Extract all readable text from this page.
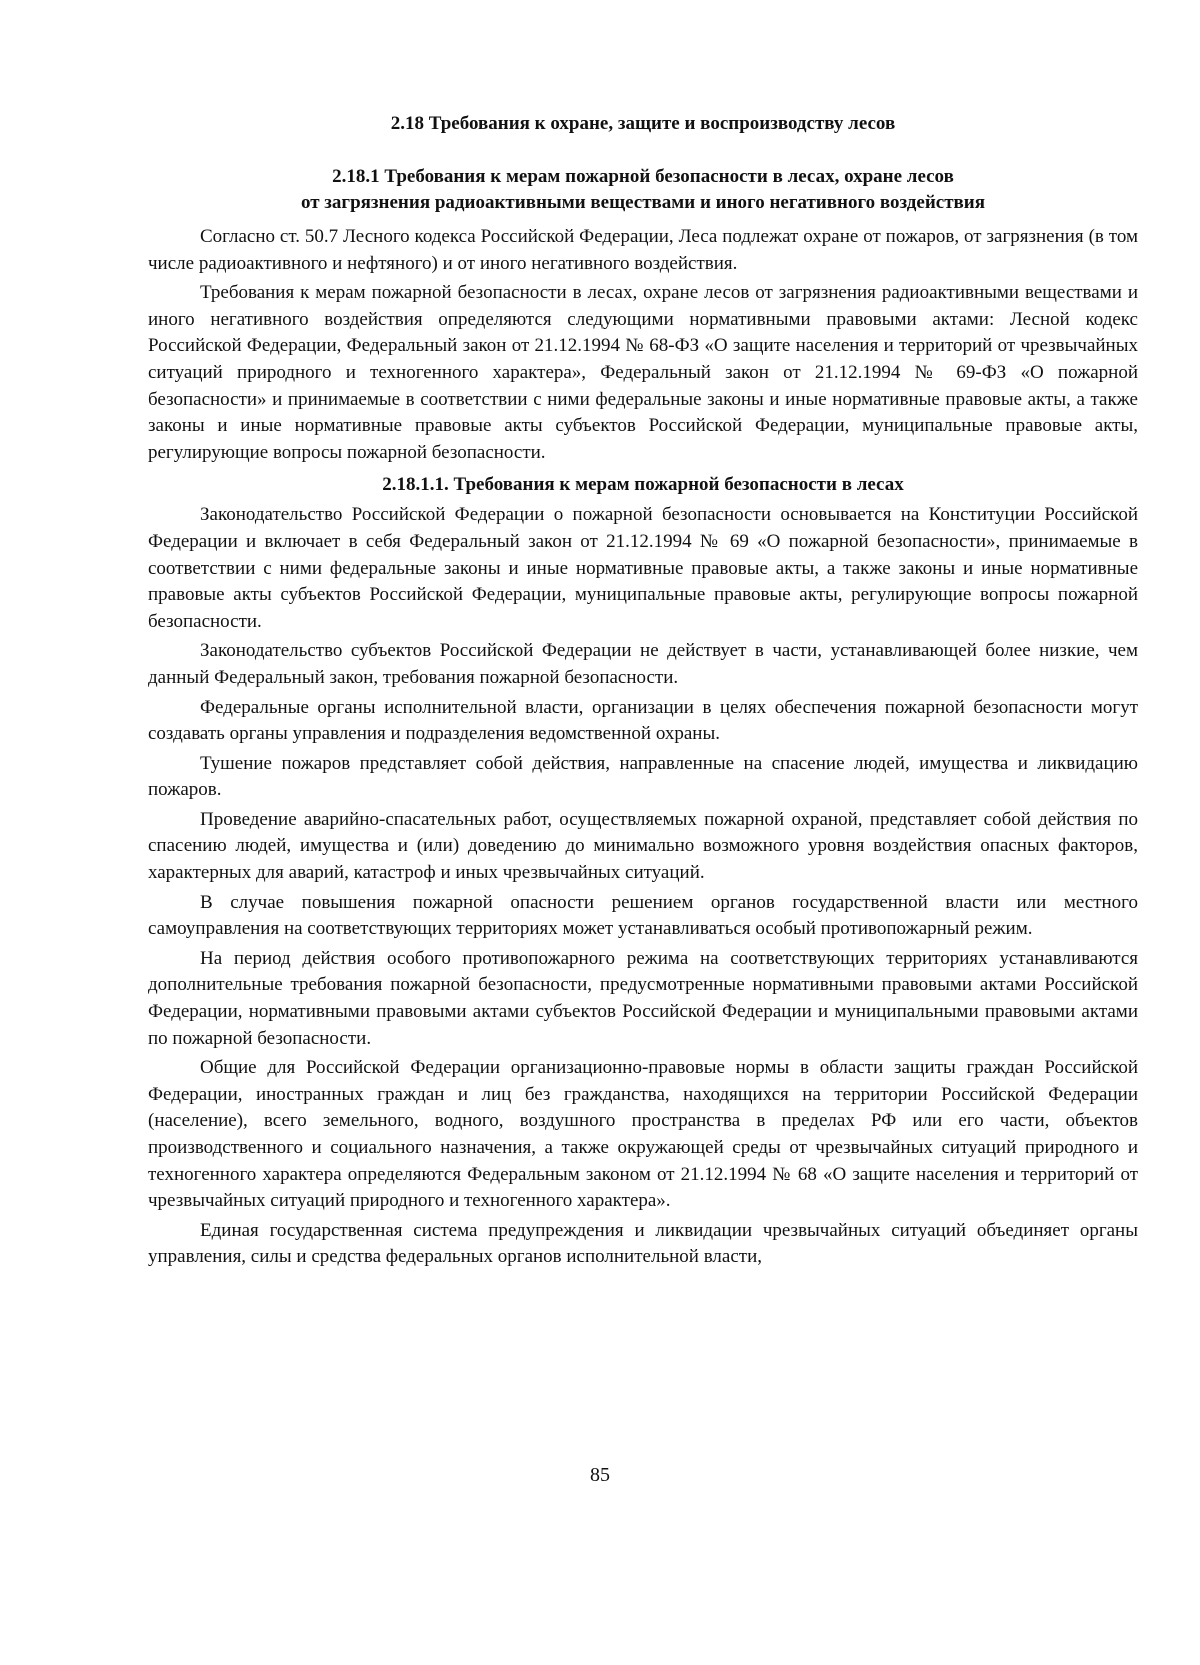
2.18 Требования к охране, защите и воспроизводству лесов
2.18.1 Требования к мерам пожарной безопасности в лесах, охране лесов
от загрязнения радиоактивными веществами и иного негативного воздействия

Согласно ст. 50.7 Лесного кодекса Российской Федерации, Леса подлежат охране от пожаров, от загрязнения (в том числе радиоактивного и нефтяного) и от иного негативного воздействия.

Требования к мерам пожарной безопасности в лесах, охране лесов от загрязнения радиоактивными веществами и иного негативного воздействия определяются следующими нормативными правовыми актами: Лесной кодекс Российской Федерации, Федеральный закон от 21.12.1994 № 68-ФЗ «О защите населения и территорий от чрезвычайных ситуаций природного и техногенного характера», Федеральный закон от 21.12.1994 № 69-ФЗ «О пожарной безопасности» и принимаемые в соответствии с ними федеральные законы и иные нормативные правовые акты, а также законы и иные нормативные правовые акты субъектов Российской Федерации, муниципальные правовые акты, регулирующие вопросы пожарной безопасности.

2.18.1.1. Требования к мерам пожарной безопасности в лесах

Законодательство Российской Федерации о пожарной безопасности основывается на Конституции Российской Федерации и включает в себя Федеральный закон от 21.12.1994 № 69 «О пожарной безопасности», принимаемые в соответствии с ними федеральные законы и иные нормативные правовые акты, а также законы и иные нормативные правовые акты субъектов Российской Федерации, муниципальные правовые акты, регулирующие вопросы пожарной безопасности.

Законодательство субъектов Российской Федерации не действует в части, устанавливающей более низкие, чем данный Федеральный закон, требования пожарной безопасности.

Федеральные органы исполнительной власти, организации в целях обеспечения пожарной безопасности могут создавать органы управления и подразделения ведомственной охраны.

Тушение пожаров представляет собой действия, направленные на спасение людей, имущества и ликвидацию пожаров.

Проведение аварийно-спасательных работ, осуществляемых пожарной охраной, представляет собой действия по спасению людей, имущества и (или) доведению до минимально возможного уровня воздействия опасных факторов, характерных для аварий, катастроф и иных чрезвычайных ситуаций.

В случае повышения пожарной опасности решением органов государственной власти или местного самоуправления на соответствующих территориях может устанавливаться особый противопожарный режим.

На период действия особого противопожарного режима на соответствующих территориях устанавливаются дополнительные требования пожарной безопасности, предусмотренные нормативными правовыми актами Российской Федерации, нормативными правовыми актами субъектов Российской Федерации и муниципальными правовыми актами по пожарной безопасности.

Общие для Российской Федерации организационно-правовые нормы в области защиты граждан Российской Федерации, иностранных граждан и лиц без гражданства, находящихся на территории Российской Федерации (население), всего земельного, водного, воздушного пространства в пределах РФ или его части, объектов производственного и социального назначения, а также окружающей среды от чрезвычайных ситуаций природного и техногенного характера определяются Федеральным законом от 21.12.1994 № 68 «О защите населения и территорий от чрезвычайных ситуаций природного и техногенного характера».

Единая государственная система предупреждения и ликвидации чрезвычайных ситуаций объединяет органы управления, силы и средства федеральных органов исполнительной власти,

85
